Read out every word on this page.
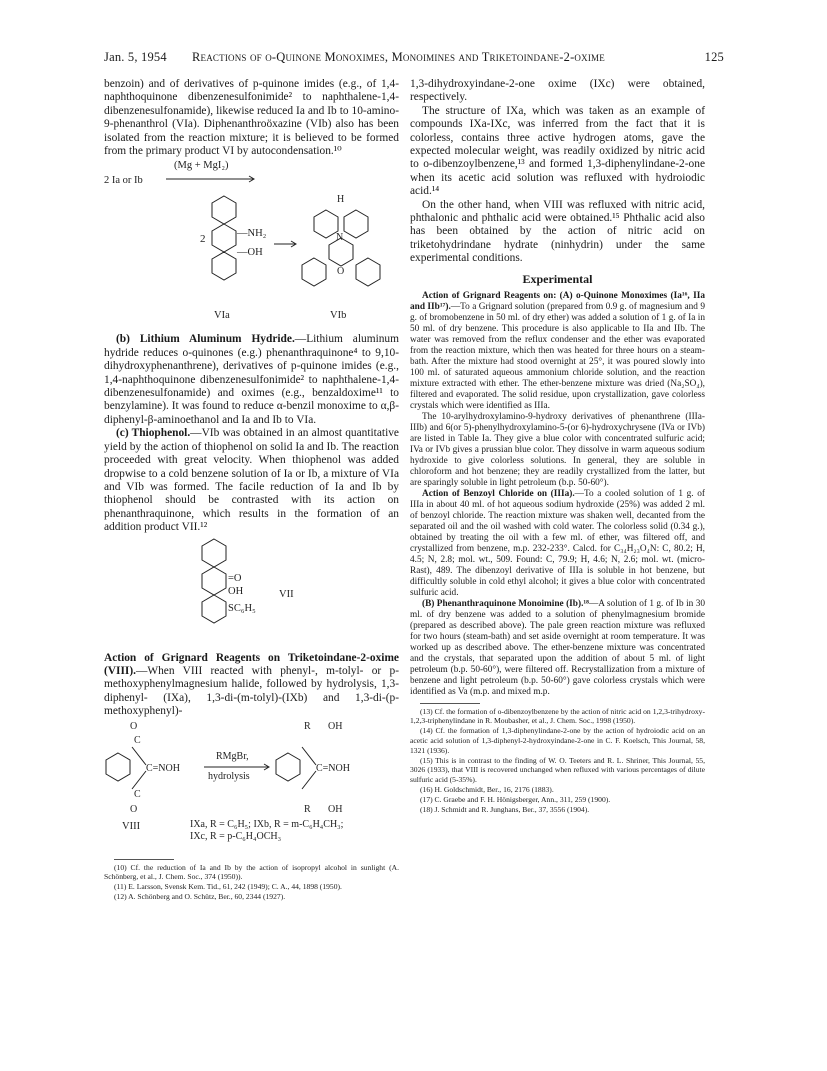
Jan. 5, 1954 Reactions of o-Quinone Monoximes, Monoimines and Triketoindane-2-oxime	125

benzoin) and of derivatives of p-quinone imides (e.g., of 1,4-naphthoquinone dibenzenesulfonimide² to naphthalene-1,4-dibenzenesulfonamide), likewise reduced Ia and Ib to 10-amino-9-phenanthrol (VIa). Diphenanthroöxazine (VIb) also has been isolated from the reaction mixture; it is believed to be formed from the primary product VI by autocondensation.¹⁰

(Mg + MgI₂)
2 Ia or Ib
2	—NH₂
—OH
H
N
O
VIa	VIb

(b) Lithium Aluminum Hydride.—Lithium aluminum hydride reduces o-quinones (e.g.) phenanthraquinone⁴ to 9,10-dihydroxyphenanthrene), derivatives of p-quinone imides (e.g., 1,4-naphthoquinone dibenzenesulfonimide² to naphthalene-1,4-dibenzenesulfonamide) and oximes (e.g., benzaldoxime¹¹ to benzylamine). It was found to reduce α-benzil monoxime to α,β-diphenyl-β-aminoethanol and Ia and Ib to VIa.

(c) Thiophenol.—VIb was obtained in an almost quantitative yield by the action of thiophenol on solid Ia and Ib. The reaction proceeded with great velocity. When thiophenol was added dropwise to a cold benzene solution of Ia or Ib, a mixture of VIa and VIb was formed. The facile reduction of Ia and Ib by thiophenol should be contrasted with its action on phenanthraquinone, which results in the formation of an addition product VII.¹²

=O
OH
SC₆H₅
VII

Action of Grignard Reagents on Triketoindane-2-oxime (VIII).—When VIII reacted with phenyl-, m-tolyl- or p-methoxyphenylmagnesium halide, followed by hydrolysis, 1,3-diphenyl- (IXa), 1,3-di-(m-tolyl)-(IXb) and 1,3-di-(p-methoxyphenyl)-

O
C
C=NOH
C
O
RMgBr,
hydrolysis
R OH
C=NOH
R OH
VIII	IXa, R = C₆H₅; IXb, R = m-C₆H₄CH₃;
IXc, R = p-C₆H₄OCH₃

(10) Cf. the reduction of Ia and Ib by the action of isopropyl alcohol in sunlight (A. Schönberg, et al., J. Chem. Soc., 374 (1950)).

(11) E. Larsson, Svensk Kem. Tid., 61, 242 (1949); C. A., 44, 1898 (1950).

(12) A. Schönberg and O. Schütz, Ber., 60, 2344 (1927).

1,3-dihydroxyindane-2-one oxime (IXc) were obtained, respectively.

The structure of IXa, which was taken as an example of compounds IXa-IXc, was inferred from the fact that it is colorless, contains three active hydrogen atoms, gave the expected molecular weight, was readily oxidized by nitric acid to o-dibenzoylbenzene,¹³ and formed 1,3-diphenylindane-2-one when its acetic acid solution was refluxed with hydroiodic acid.¹⁴

On the other hand, when VIII was refluxed with nitric acid, phthalonic and phthalic acid were obtained.¹⁵ Phthalic acid also has been obtained by the action of nitric acid on triketohydrindane hydrate (ninhydrin) under the same experimental conditions.

Experimental

Action of Grignard Reagents on: (A) o-Quinone Monoximes (Ia¹⁶, IIa and IIb¹⁷).—To a Grignard solution (prepared from 0.9 g. of magnesium and 9 g. of bromobenzene in 50 ml. of dry ether) was added a solution of 1 g. of Ia in 50 ml. of dry benzene. This procedure is also applicable to IIa and IIb. The water was removed from the reflux condenser and the ether was evaporated from the reaction mixture, which then was heated for three hours on a steam-bath. After the mixture had stood overnight at 25°, it was poured slowly into 100 ml. of saturated aqueous ammonium chloride solution, and the reaction mixture extracted with ether. The ether-benzene mixture was dried (Na₂SO₄), filtered and evaporated. The solid residue, upon crystallization, gave colorless crystals which were identified as IIIa.

The 10-arylhydroxylamino-9-hydroxy derivatives of phenanthrene (IIIa-IIIb) and 6(or 5)-phenylhydroxylamino-5-(or 6)-hydroxychrysene (IVa or IVb) are listed in Table Ia. They give a blue color with concentrated sulfuric acid; IVa or IVb gives a prussian blue color. They dissolve in warm aqueous sodium hydroxide to give colorless solutions. In general, they are soluble in chloroform and hot benzene; they are readily crystallized from the latter, but are sparingly soluble in light petroleum (b.p. 50-60°).

Action of Benzoyl Chloride on (IIIa).—To a cooled solution of 1 g. of IIIa in about 40 ml. of hot aqueous sodium hydroxide (25%) was added 2 ml. of benzoyl chloride. The reaction mixture was shaken well, decanted from the separated oil and the oil washed with cold water. The colorless solid (0.34 g.), obtained by treating the oil with a few ml. of ether, was filtered off, and crystallized from benzene, m.p. 232-233°. Calcd. for C₃₄H₂₃O₄N: C, 80.2; H, 4.5; N, 2.8; mol. wt., 509. Found: C, 79.9; H, 4.6; N, 2.6; mol. wt. (micro-Rast), 489. The dibenzoyl derivative of IIIa is soluble in hot benzene, but difficultly soluble in cold ethyl alcohol; it gives a blue color with concentrated sulfuric acid.

(B) Phenanthraquinone Monoimine (Ib).¹⁸—A solution of 1 g. of Ib in 30 ml. of dry benzene was added to a solution of phenylmagnesium bromide (prepared as described above). The pale green reaction mixture was refluxed for two hours (steam-bath) and set aside overnight at room temperature. It was worked up as described above. The ether-benzene mixture was concentrated and the crystals, that separated upon the addition of about 5 ml. of light petroleum (b.p. 50-60°), were filtered off. Recrystallization from a mixture of benzene and light petroleum (b.p. 50-60°) gave colorless crystals which were identified as Va (m.p. and mixed m.p.

(13) Cf. the formation of o-dibenzoylbenzene by the action of nitric acid on 1,2,3-trihydroxy-1,2,3-triphenylindane in R. Moubasher, et al., J. Chem. Soc., 1998 (1950).

(14) Cf. the formation of 1,3-diphenylindane-2-one by the action of hydroiodic acid on an acetic acid solution of 1,3-diphenyl-2-hydroxyindane-2-one in C. F. Koelsch, This Journal, 58, 1321 (1936).

(15) This is in contrast to the finding of W. O. Teeters and R. L. Shriner, This Journal, 55, 3026 (1933), that VIII is recovered unchanged when refluxed with various percentages of dilute sulfuric acid (5-35%).

(16) H. Goldschmidt, Ber., 16, 2176 (1883).

(17) C. Graebe and F. H. Hönigsberger, Ann., 311, 259 (1900).

(18) J. Schmidt and R. Junghans, Ber., 37, 3556 (1904).
